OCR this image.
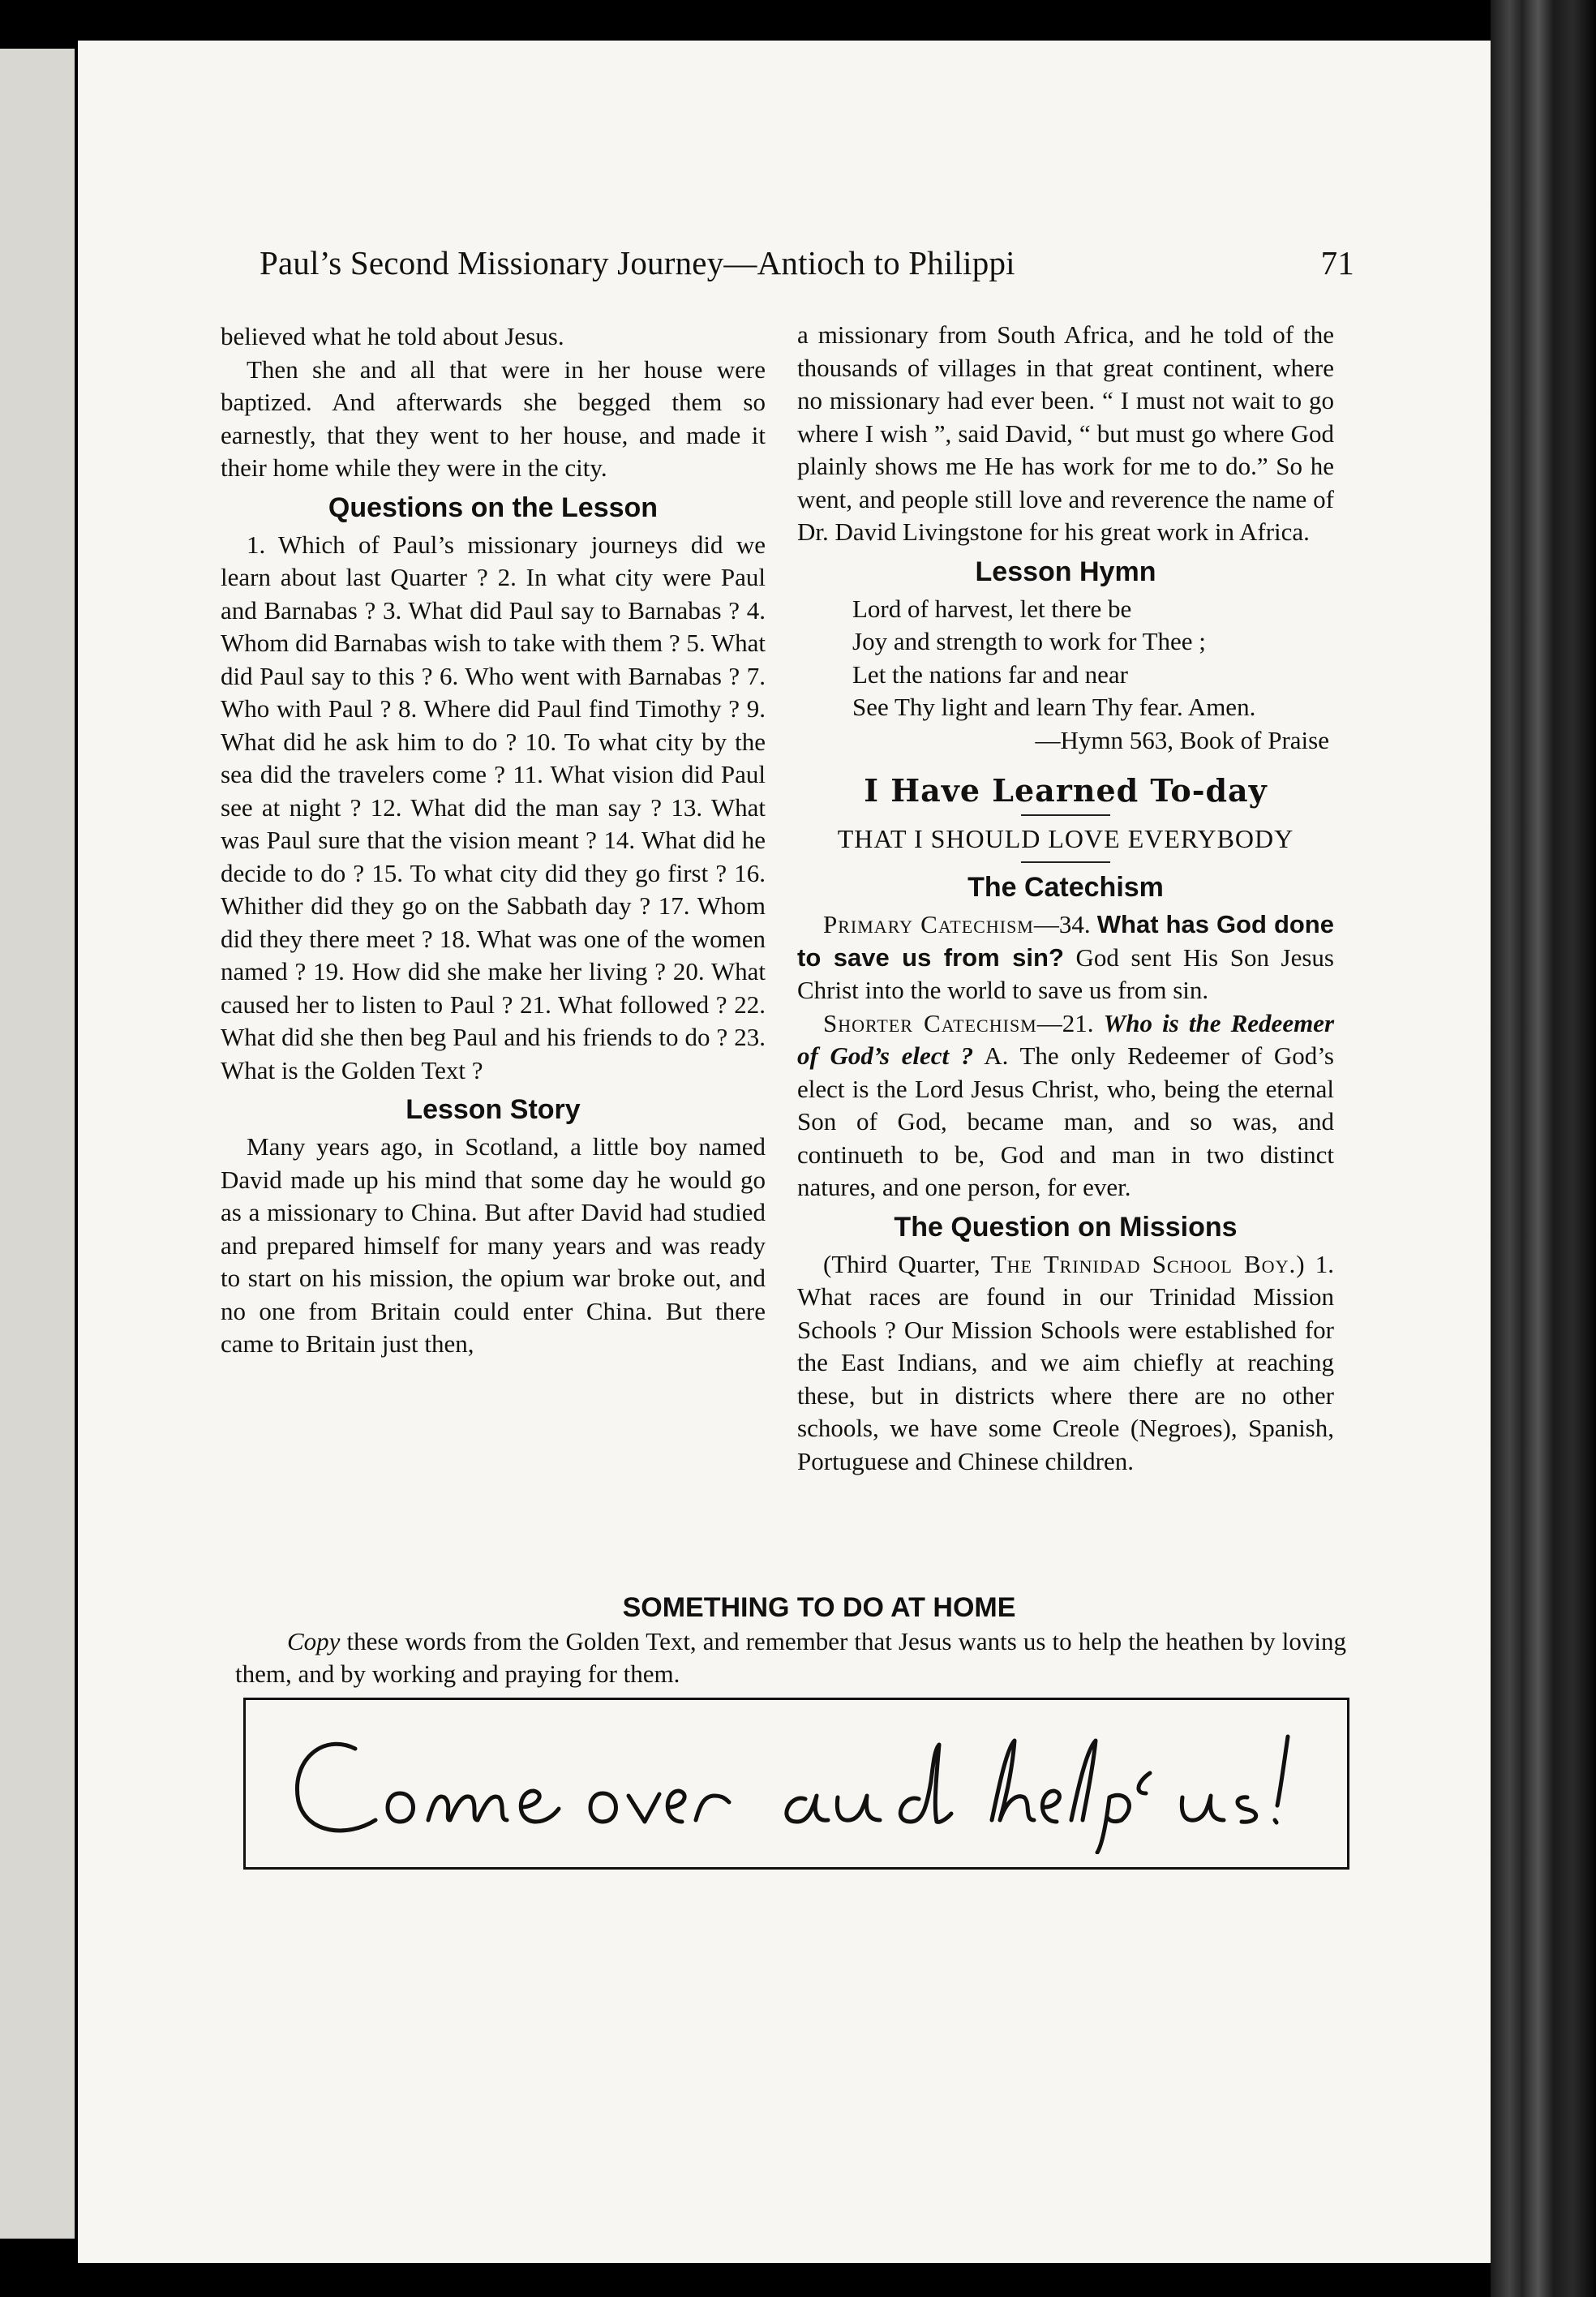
Paul’s Second Missionary Journey—Antioch to Philippi	71

believed what he told about Jesus.

Then she and all that were in her house were baptized. And afterwards she begged them so earnestly, that they went to her house, and made it their home while they were in the city.

Questions on the Lesson

1. Which of Paul’s missionary journeys did we learn about last Quarter ? 2. In what city were Paul and Barnabas ? 3. What did Paul say to Barnabas ? 4. Whom did Barnabas wish to take with them ? 5. What did Paul say to this ? 6. Who went with Barnabas ? 7. Who with Paul ? 8. Where did Paul find Timothy ? 9. What did he ask him to do ? 10. To what city by the sea did the travelers come ? 11. What vision did Paul see at night ? 12. What did the man say ? 13. What was Paul sure that the vision meant ? 14. What did he decide to do ? 15. To what city did they go first ? 16. Whither did they go on the Sabbath day ? 17. Whom did they there meet ? 18. What was one of the women named ? 19. How did she make her living ? 20. What caused her to listen to Paul ? 21. What followed ? 22. What did she then beg Paul and his friends to do ? 23. What is the Golden Text ?

Lesson Story

Many years ago, in Scotland, a little boy named David made up his mind that some day he would go as a missionary to China. But after David had studied and prepared himself for many years and was ready to start on his mission, the opium war broke out, and no one from Britain could enter China. But there came to Britain just then,

a missionary from South Africa, and he told of the thousands of villages in that great continent, where no missionary had ever been. “ I must not wait to go where I wish ”, said David, “ but must go where God plainly shows me He has work for me to do.” So he went, and people still love and reverence the name of Dr. David Livingstone for his great work in Africa.

Lesson Hymn
Lord of harvest, let there be
Joy and strength to work for Thee ;
Let the nations far and near
See Thy light and learn Thy fear. Amen.
—Hymn 563, Book of Praise
I Have Learned To-day
THAT I SHOULD LOVE EVERYBODY
The Catechism

Primary Catechism—34. What has God done to save us from sin? God sent His Son Jesus Christ into the world to save us from sin.

Shorter Catechism—21. Who is the Redeemer of God’s elect ? A. The only Redeemer of God’s elect is the Lord Jesus Christ, who, being the eternal Son of God, became man, and so was, and continueth to be, God and man in two distinct natures, and one person, for ever.

The Question on Missions

(Third Quarter, The Trinidad School Boy.) 1. What races are found in our Trinidad Mission Schools ? Our Mission Schools were established for the East Indians, and we aim chiefly at reaching these, but in districts where there are no other schools, we have some Creole (Negroes), Spanish, Portuguese and Chinese children.

SOMETHING TO DO AT HOME

Copy these words from the Golden Text, and remember that Jesus wants us to help the heathen by loving them, and by working and praying for them.
